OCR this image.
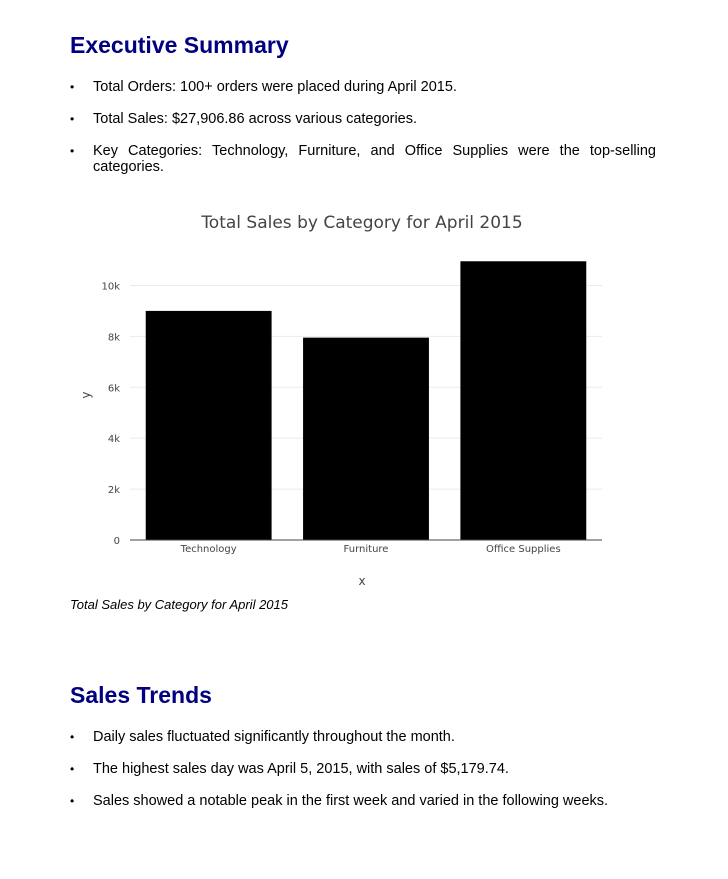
Executive Summary
• Total Orders: 100+ orders were placed during April 2015.
• Total Sales: $27,906.86 across various categories.
• Key Categories: Technology, Furniture, and Office Supplies were the top-selling categories.
Total Sales by Category for April 2015
0
2k
4k
6k
8k
10k
Technology	Furniture	Office Supplies
x
y

Total Sales by Category for April 2015

Sales Trends
• Daily sales fluctuated significantly throughout the month.
• The highest sales day was April 5, 2015, with sales of $5,179.74.
• Sales showed a notable peak in the first week and varied in the following weeks.
